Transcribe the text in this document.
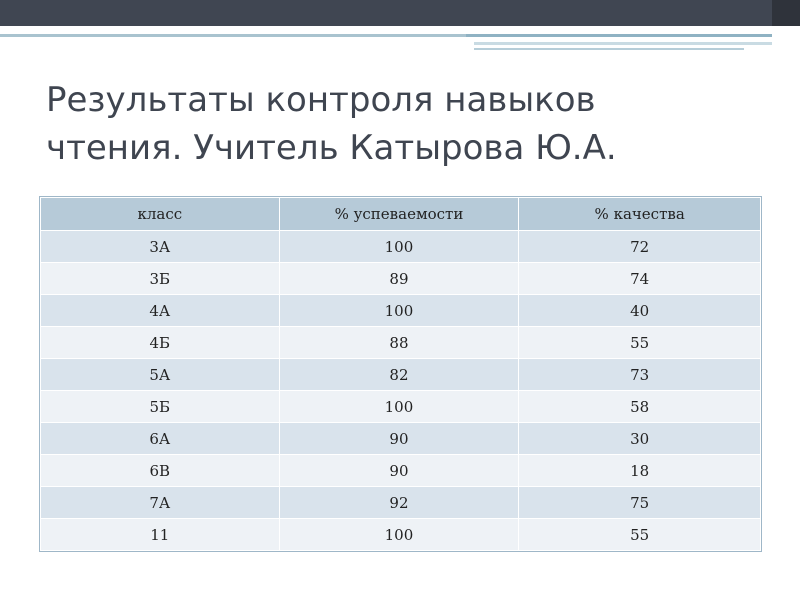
Результаты контроля навыков
чтения. Учитель Катырова Ю.А.
класс	% успеваемости	% качества
3А	100	72
3Б	89	74
4А	100	40
4Б	88	55
5А	82	73
5Б	100	58
6А	90	30
6В	90	18
7А	92	75
11	100	55
